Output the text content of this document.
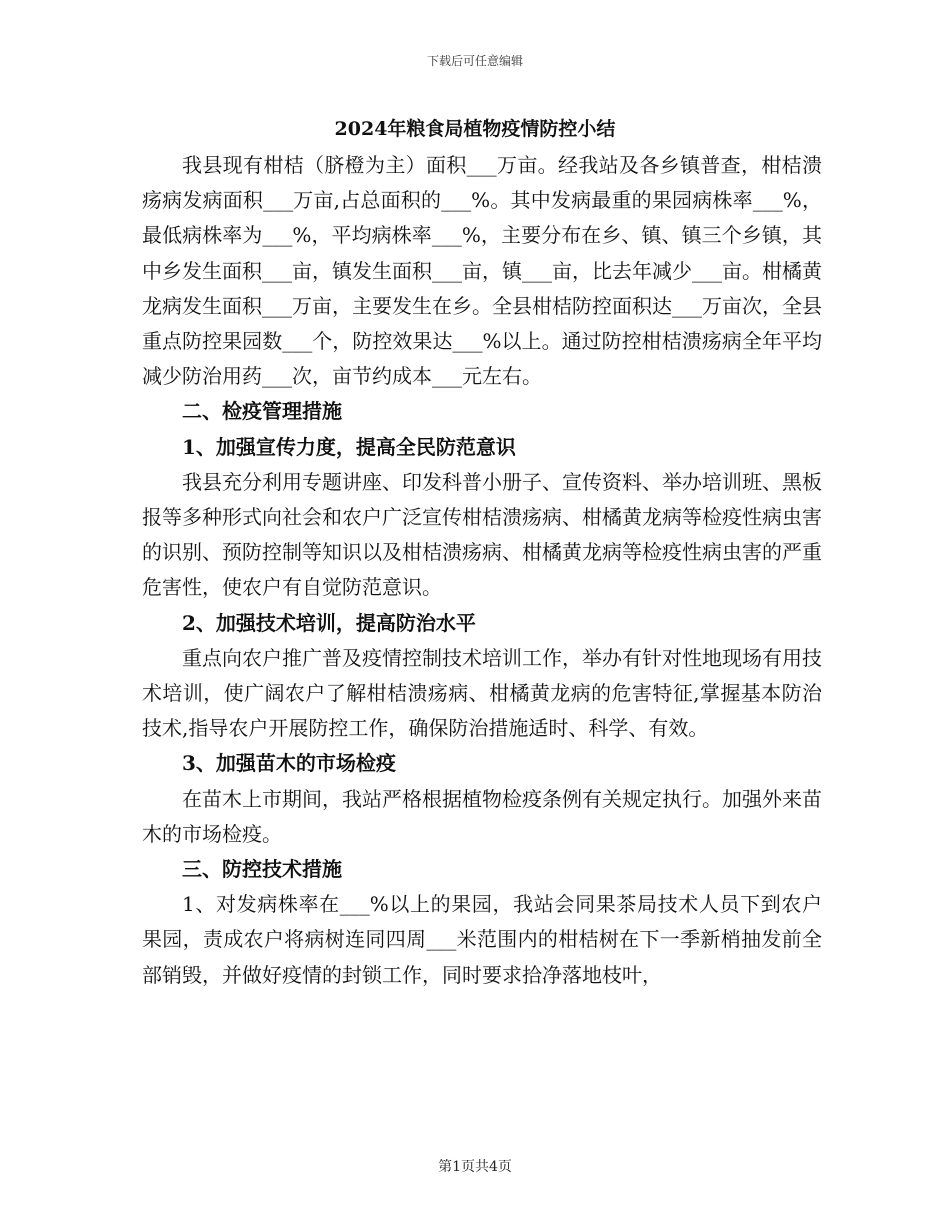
下载后可任意编辑
2024年粮食局植物疫情防控小结

我县现有柑桔（脐橙为主）面积___万亩。经我站及各乡镇普查，柑桔溃疡病发病面积___万亩,占总面积的___%。其中发病最重的果园病株率___%，最低病株率为___%，平均病株率___%，主要分布在乡、镇、镇三个乡镇，其中乡发生面积___亩，镇发生面积___亩，镇___亩，比去年减少___亩。柑橘黄龙病发生面积___万亩，主要发生在乡。全县柑桔防控面积达___万亩次，全县重点防控果园数___个，防控效果达___%以上。通过防控柑桔溃疡病全年平均减少防治用药___次，亩节约成本___元左右。

二、检疫管理措施

1、加强宣传力度，提高全民防范意识

我县充分利用专题讲座、印发科普小册子、宣传资料、举办培训班、黑板报等多种形式向社会和农户广泛宣传柑桔溃疡病、柑橘黄龙病等检疫性病虫害的识别、预防控制等知识以及柑桔溃疡病、柑橘黄龙病等检疫性病虫害的严重危害性，使农户有自觉防范意识。

2、加强技术培训，提高防治水平

重点向农户推广普及疫情控制技术培训工作，举办有针对性地现场有用技术培训，使广阔农户了解柑桔溃疡病、柑橘黄龙病的危害特征,掌握基本防治技术,指导农户开展防控工作，确保防治措施适时、科学、有效。

3、加强苗木的市场检疫

在苗木上市期间，我站严格根据植物检疫条例有关规定执行。加强外来苗木的市场检疫。

三、防控技术措施

1、对发病株率在___%以上的果园，我站会同果茶局技术人员下到农户果园，责成农户将病树连同四周___米范围内的柑桔树在下一季新梢抽发前全部销毁，并做好疫情的封锁工作，同时要求拾净落地枝叶，

第1页共4页
